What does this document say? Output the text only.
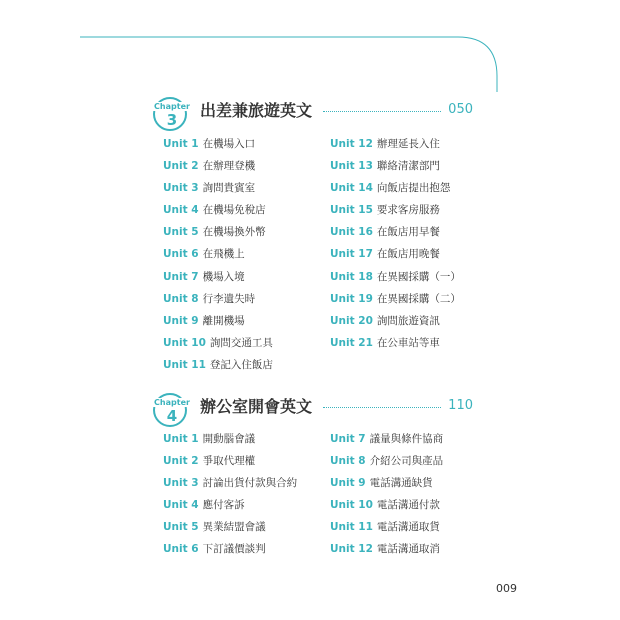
Chapter
3	出差兼旅遊英文	050
Unit 1 在機場入口
Unit 2 在辦理登機
Unit 3 詢問貴賓室
Unit 4 在機場免稅店
Unit 5 在機場換外幣
Unit 6 在飛機上
Unit 7 機場入境
Unit 8 行李遺失時
Unit 9 離開機場
Unit 10 詢問交通工具
Unit 11 登記入住飯店
Unit 12 辦理延長入住
Unit 13 聯絡清潔部門
Unit 14 向飯店提出抱怨
Unit 15 要求客房服務
Unit 16 在飯店用早餐
Unit 17 在飯店用晚餐
Unit 18 在異國採購（一）
Unit 19 在異國採購（二）
Unit 20 詢問旅遊資訊
Unit 21 在公車站等車
Chapter
4	辦公室開會英文	110
Unit 1 開動腦會議
Unit 2 爭取代理權
Unit 3 討論出貨付款與合約
Unit 4 應付客訴
Unit 5 異業結盟會議
Unit 6 下訂議價談判
Unit 7 議量與條件協商
Unit 8 介紹公司與產品
Unit 9 電話溝通缺貨
Unit 10 電話溝通付款
Unit 11 電話溝通取貨
Unit 12 電話溝通取消
009
